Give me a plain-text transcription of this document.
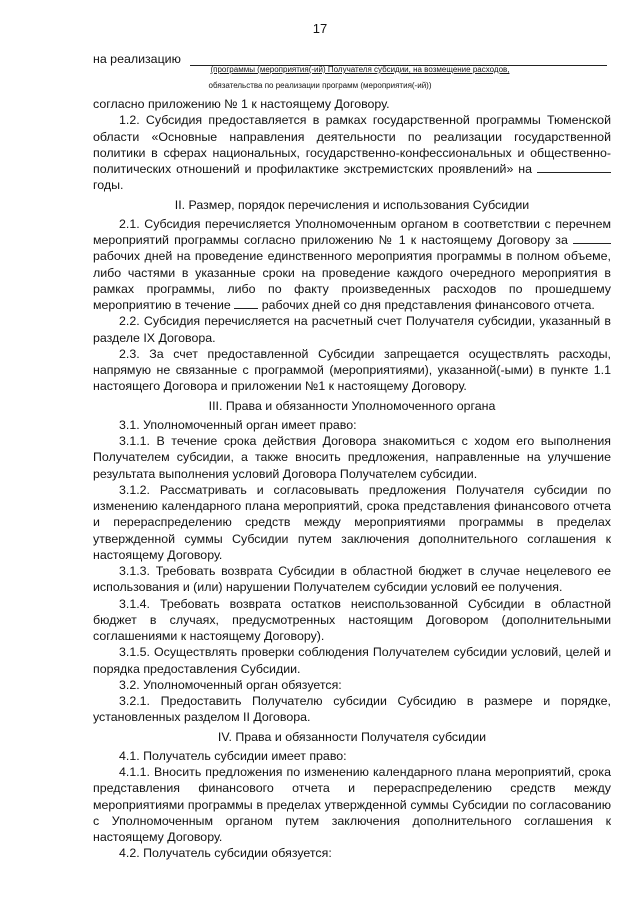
17
на реализацию
(программы (мероприятия(-ий) Получателя субсидии, на возмещение расходов,
обязательства по реализации программ (мероприятия(-ий))

согласно приложению № 1 к настоящему Договору.

1.2. Субсидия предоставляется в рамках государственной программы Тюменской области «Основные направления деятельности по реализации государственной политики в сферах национальных, государственно-конфессиональных и общественно-политических отношений и профилактике экстремистских проявлений» на  годы.

II. Размер, порядок перечисления и использования Субсидии

2.1. Субсидия перечисляется Уполномоченным органом в соответствии с перечнем мероприятий программы согласно приложению № 1 к настоящему Договору за  рабочих дней на проведение единственного мероприятия программы в полном объеме, либо частями в указанные сроки на проведение каждого очередного мероприятия в рамках программы, либо по факту произведенных расходов по прошедшему мероприятию в течение рабочих дней со дня представления финансового отчета.

2.2. Субсидия перечисляется на расчетный счет Получателя субсидии, указанный в разделе IX Договора.

2.3. За счет предоставленной Субсидии запрещается осуществлять расходы, напрямую не связанные с программой (мероприятиями), указанной(-ыми) в пункте 1.1 настоящего Договора и приложении №1 к настоящему Договору.

III. Права и обязанности Уполномоченного органа

3.1. Уполномоченный орган имеет право:

3.1.1. В течение срока действия Договора знакомиться с ходом его выполнения Получателем субсидии, а также вносить предложения, направленные на улучшение результата выполнения условий Договора Получателем субсидии.

3.1.2. Рассматривать и согласовывать предложения Получателя субсидии по изменению календарного плана мероприятий, срока представления финансового отчета и перераспределению средств между мероприятиями программы в пределах утвержденной суммы Субсидии путем заключения дополнительного соглашения к настоящему Договору.

3.1.3. Требовать возврата Субсидии в областной бюджет в случае нецелевого ее использования и (или) нарушении Получателем субсидии условий ее получения.

3.1.4. Требовать возврата остатков неиспользованной Субсидии в областной бюджет в случаях, предусмотренных настоящим Договором (дополнительными соглашениями к настоящему Договору).

3.1.5. Осуществлять проверки соблюдения Получателем субсидии условий, целей и порядка предоставления Субсидии.

3.2. Уполномоченный орган обязуется:

3.2.1. Предоставить Получателю субсидии Субсидию в размере и порядке, установленных разделом II Договора.

IV. Права и обязанности Получателя субсидии

4.1. Получатель субсидии имеет право:

4.1.1. Вносить предложения по изменению календарного плана мероприятий, срока представления финансового отчета и перераспределению средств между мероприятиями программы в пределах утвержденной суммы Субсидии по согласованию с Уполномоченным органом путем заключения дополнительного соглашения к настоящему Договору.

4.2. Получатель субсидии обязуется:
